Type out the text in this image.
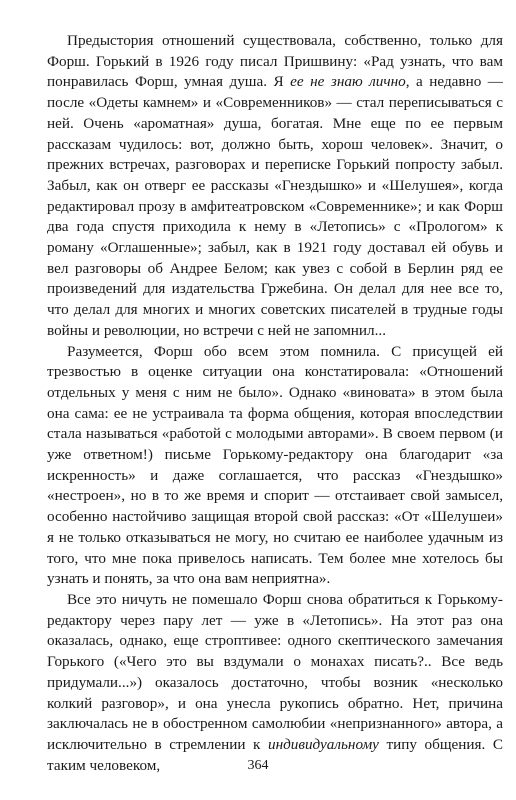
Предыстория отношений существовала, собственно, только для Форш. Горький в 1926 году писал Пришвину: «Рад узнать, что вам понравилась Форш, умная душа. Я ее не знаю лично, а недавно — после «Одеты камнем» и «Современников» — стал переписываться с ней. Очень «ароматная» душа, богатая. Мне еще по ее первым рассказам чудилось: вот, должно быть, хорош человек». Значит, о прежних встречах, разговорах и переписке Горький попросту забыл. Забыл, как он отверг ее рассказы «Гнездышко» и «Шелушея», когда редактировал прозу в амфитеатровском «Современнике»; и как Форш два года спустя приходила к нему в «Летопись» с «Прологом» к роману «Оглашенные»; забыл, как в 1921 году доставал ей обувь и вел разговоры об Андрее Белом; как увез с собой в Берлин ряд ее произведений для издательства Гржебина. Он делал для нее все то, что делал для многих и многих советских писателей в трудные годы войны и революции, но встречи с ней не запомнил...

Разумеется, Форш обо всем этом помнила. С присущей ей трезвостью в оценке ситуации она констатировала: «Отношений отдельных у меня с ним не было». Однако «виновата» в этом была она сама: ее не устраивала та форма общения, которая впоследствии стала называться «работой с молодыми авторами». В своем первом (и уже ответном!) письме Горькому-редактору она благодарит «за искренность» и даже соглашается, что рассказ «Гнездышко» «нестроен», но в то же время и спорит — отстаивает свой замысел, особенно настойчиво защищая второй свой рассказ: «От «Шелушеи» я не только отказываться не могу, но считаю ее наиболее удачным из того, что мне пока привелось написать. Тем более мне хотелось бы узнать и понять, за что она вам неприятна».

Все это ничуть не помешало Форш снова обратиться к Горькому-редактору через пару лет — уже в «Летопись». На этот раз она оказалась, однако, еще строптивее: одного скептического замечания Горького («Чего это вы вздумали о монахах писать?.. Все ведь придумали...») оказалось достаточно, чтобы возник «несколько колкий разговор», и она унесла рукопись обратно. Нет, причина заключалась не в обостренном самолюбии «непризнанного» автора, а исключительно в стремлении к индивидуальному типу общения. С таким человеком,	364
